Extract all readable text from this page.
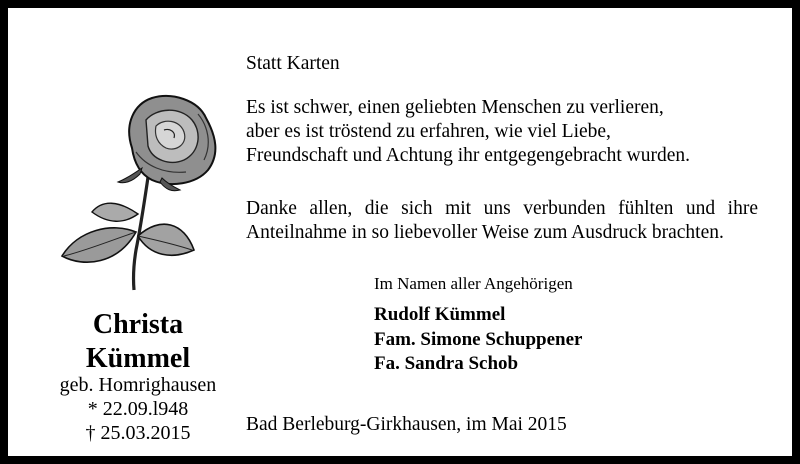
Christa
Kümmel
geb. Homrighausen
* 22.09.l948
† 25.03.2015
Statt Karten
Es ist schwer, einen geliebten Menschen zu verlieren,
aber es ist tröstend zu erfahren, wie viel Liebe,
Freundschaft und Achtung ihr entgegengebracht wurden.
Danke allen, die sich mit uns verbunden fühlten und ihre
Anteilnahme in so liebevoller Weise zum Ausdruck brachten.
Im Namen aller Angehörigen
Rudolf Kümmel
Fam. Simone Schuppener
Fa. Sandra Schob
Bad Berleburg-Girkhausen, im Mai 2015
